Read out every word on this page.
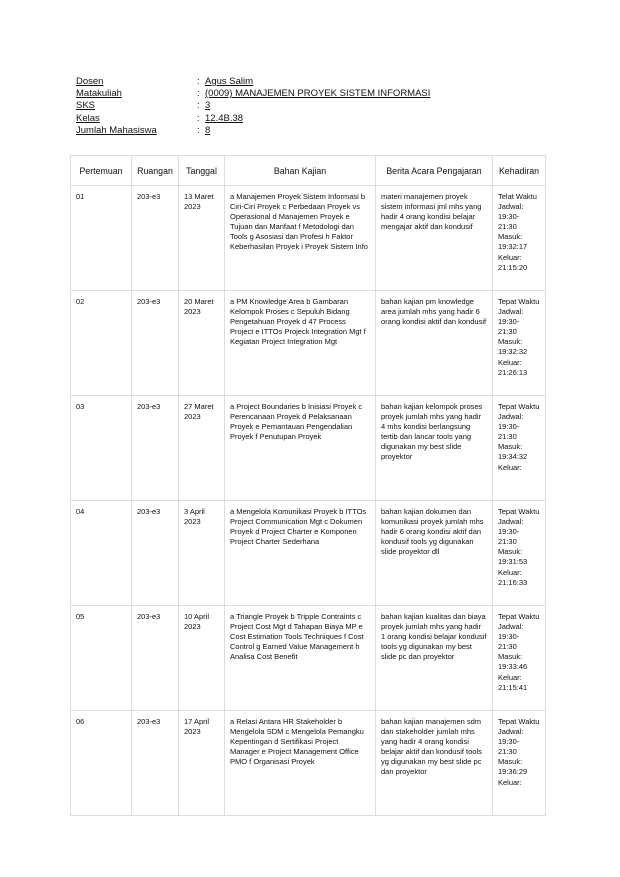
Dosen	: Agus Salim
Matakuliah	: (0009) MANAJEMEN PROYEK SISTEM INFORMASI
SKS	: 3
Kelas	: 12.4B.38
Jumlah Mahasiswa	: 8
Pertemuan	Ruangan	Tanggal	Bahan Kajian	Berita Acara Pengajaran	Kehadiran
01	203-e3	13 Maret 2023	a Manajemen Proyek Sistem Informasi b Ciri-Ciri Proyek c Perbedaan Proyek vs Operasional d Manajemen Proyek e Tujuan dan Manfaat f Metodologi dan Tools g Asosiasi dan Profesi h Faktor Keberhasilan Proyek i Proyek Sistem Info	materi manajemen proyek sistem informasi jml mhs yang hadir 4 orang kondisi belajar mengajar aktif dan kondusif	Telat Waktu Jadwal: 19:30- 21:30 Masuk: 19:32:17 Keluar: 21:15:20
02	203-e3	20 Maret 2023	a PM Knowledge Area b Gambaran Kelompok Proses c Sepuluh Bidang Pengetahuan Proyek d 47 Process Project e ITTOs Projeck Integration Mgt f Kegiatan Project Integration Mgt	bahan kajian pm knowledge area jumlah mhs yang hadir 6 orang kondisi aktif dan kondusif	Tepat Waktu Jadwal: 19:30- 21:30 Masuk: 19:32:32 Keluar: 21:26:13
03	203-e3	27 Maret 2023	a Project Boundaries b Inisiasi Proyek c Perencanaan Proyek d Pelaksanaan Proyek e Pemantauan Pengendalian Proyek f Penutupan Proyek	bahan kajian kelompok proses proyek jumlah mhs yang hadir 4 mhs kondisi berlangsung tertib dan lancar tools yang digunakan my best slide proyektor	Tepat Waktu Jadwal: 19:30- 21:30 Masuk: 19:34:32 Keluar:
04	203-e3	3 April 2023	a Mengelola Komunikasi Proyek b ITTOs Project Communication Mgt c Dokumen Proyek d Project Charter e Komponen Project Charter Sederhana	bahan kajian dokumen dan komunikasi proyek jumlah mhs hadir 6 orang kondisi aktif dan kondusif tools yg digunakan slide proyektor dll	Tepat Waktu Jadwal: 19:30- 21:30 Masuk: 19:31:53 Keluar: 21:16:33
05	203-e3	10 April 2023	a Triangle Proyek b Tripple Contraints c Project Cost Mgt d Tahapan Biaya MP e Cost Estimation Tools Techniques f Cost Control g Earned Value Management h Analisa Cost Benefit	bahan kajian kualitas dan biaya proyek jumlah mhs yang hadir 1 orang kondisi belajar kondusif tools yg digunakan my best slide pc dan proyektor	Tepat Waktu Jadwal: 19:30- 21:30 Masuk: 19:33:46 Keluar: 21:15:41
06	203-e3	17 April 2023	a Relasi Antara HR Stakeholder b Mengelola SDM c Mengelola Pemangku Kepentingan d Sertifikasi Project Manager e Project Management Office PMO f Organisasi Proyek	bahan kajian manajemen sdm dan stakeholder jumlah mhs yang hadir 4 orang kondisi belajar aktif dan kondusif tools yg digunakan my best slide pc dan proyektor	Tepat Waktu Jadwal: 19:30- 21:30 Masuk: 19:36:29 Keluar:
